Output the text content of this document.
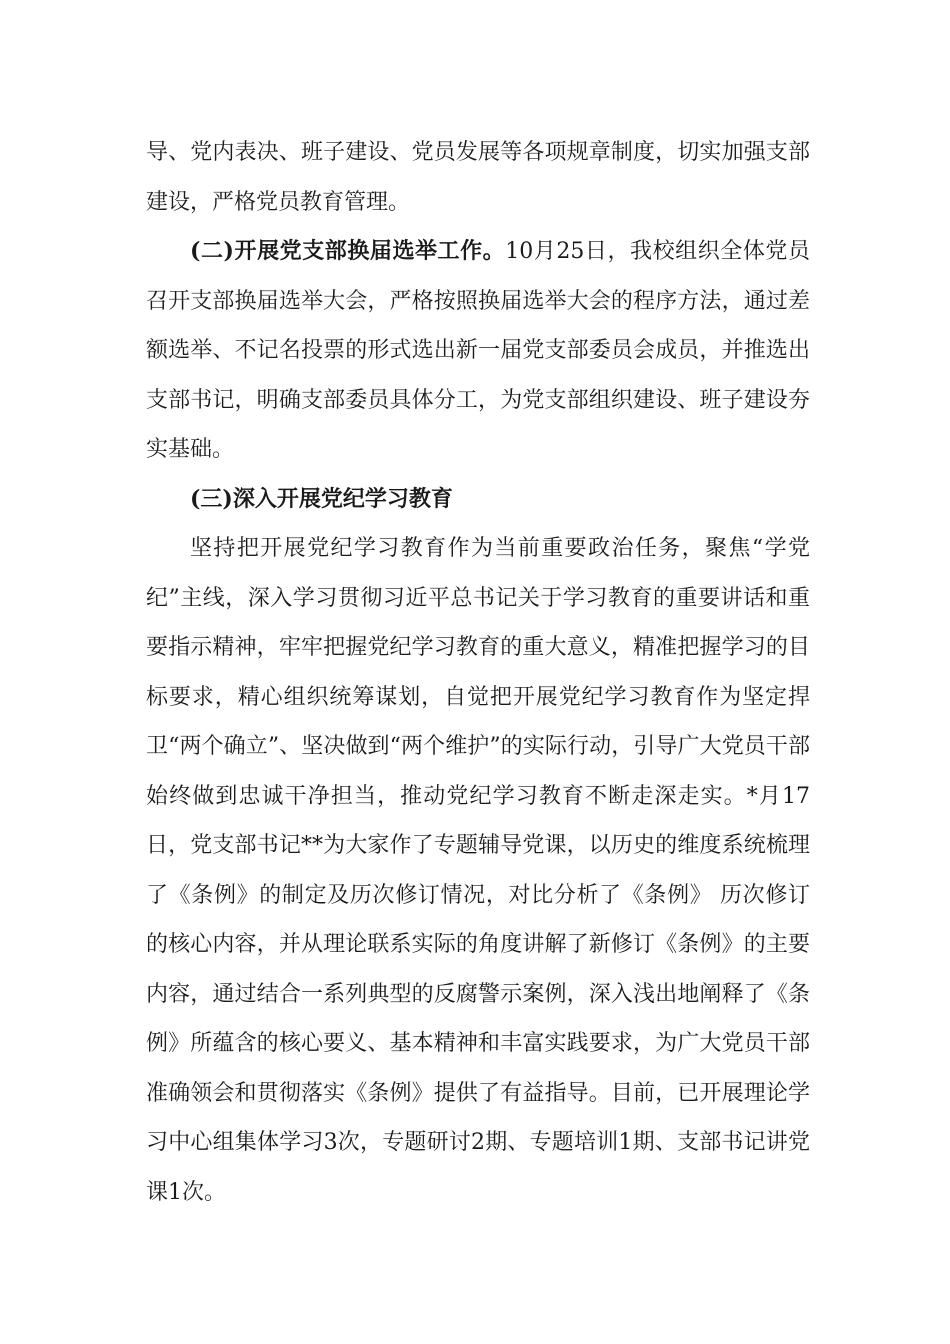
导、党内表决、班子建设、党员发展等各项规章制度，切实加强支部建设，严格党员教育管理。

(二)开展党支部换届选举工作。10月25日，我校组织全体党员召开支部换届选举大会，严格按照换届选举大会的程序方法，通过差额选举、不记名投票的形式选出新一届党支部委员会成员，并推选出支部书记，明确支部委员具体分工，为党支部组织建设、班子建设夯实基础。

(三)深入开展党纪学习教育

坚持把开展党纪学习教育作为当前重要政治任务，聚焦“学党纪”主线，深入学习贯彻习近平总书记关于学习教育的重要讲话和重要指示精神，牢牢把握党纪学习教育的重大意义，精准把握学习的目标要求，精心组织统筹谋划，自觉把开展党纪学习教育作为坚定捍卫“两个确立”、坚决做到“两个维护”的实际行动，引导广大党员干部始终做到忠诚干净担当，推动党纪学习教育不断走深走实。*月17日，党支部书记**为大家作了专题辅导党课，以历史的维度系统梳理了《条例》的制定及历次修订情况，对比分析了《条例》 历次修订的核心内容，并从理论联系实际的角度讲解了新修订《条例》的主要内容，通过结合一系列典型的反腐警示案例，深入浅出地阐释了《条例》所蕴含的核心要义、基本精神和丰富实践要求，为广大党员干部准确领会和贯彻落实《条例》提供了有益指导。目前，已开展理论学习中心组集体学习3次，专题研讨2期、专题培训1期、支部书记讲党课1次。
